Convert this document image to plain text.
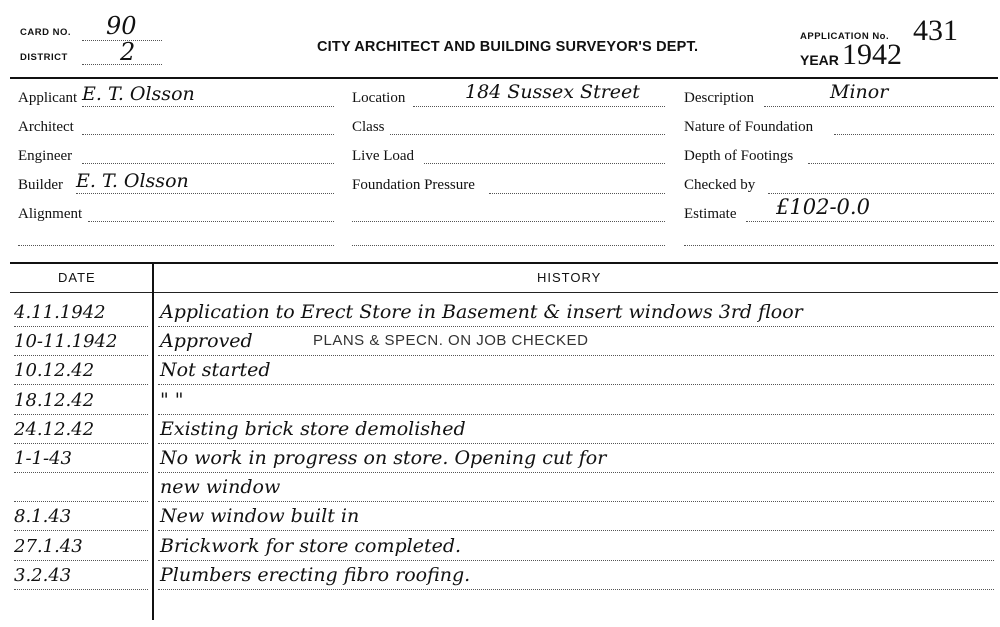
CARD NO. 90
DISTRICT 2	CITY ARCHITECT AND BUILDING SURVEYOR'S DEPT.
APPLICATION No. 431
YEAR 1942
Applicant E. T. Olsson
Architect
Engineer
Builder E. T. Olsson
Alignment
Location	184 Sussex Street
Class
Live Load
Foundation Pressure
Description	Minor
Nature of Foundation
Depth of Footings
Checked by
Estimate £102-0.0
DATE	HISTORY
PLANS & SPECN. ON JOB CHECKED
4.11.1942	Application to Erect Store in Basement & insert windows 3rd floor
10-11.1942 Approved
10.12.42	Not started
18.12.42	" "
24.12.42	Existing brick store demolished
1-1-43	No work in progress on store. Opening cut for
new window
8.1.43	New window built in
27.1.43	Brickwork for store completed.
3.2.43	Plumbers erecting fibro roofing.
